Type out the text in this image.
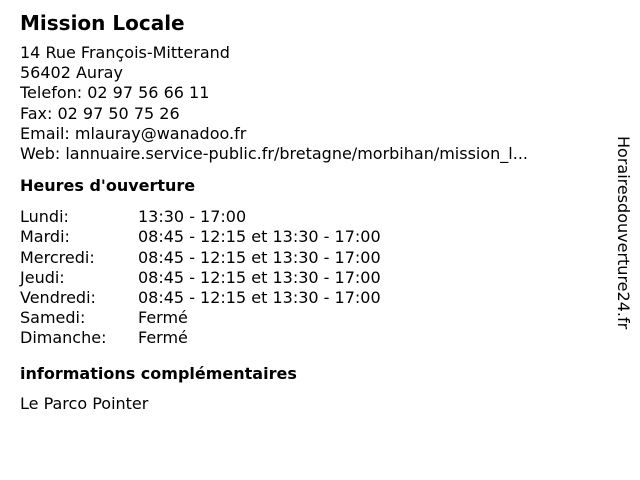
Mission Locale
14 Rue François-Mitterand
56402 Auray
Telefon: 02 97 56 66 11
Fax: 02 97 50 75 26
Email: mlauray@wanadoo.fr
Web: lannuaire.service-public.fr/bretagne/morbihan/mission_l...
Heures d'ouverture
Lundi:	13:30 - 17:00
Mardi:	08:45 - 12:15 et 13:30 - 17:00
Mercredi:	08:45 - 12:15 et 13:30 - 17:00
Jeudi:	08:45 - 12:15 et 13:30 - 17:00
Vendredi:	08:45 - 12:15 et 13:30 - 17:00
Samedi:	Fermé
Dimanche: Fermé
informations complémentaires
Le Parco Pointer
Horairesdouverture24.fr
